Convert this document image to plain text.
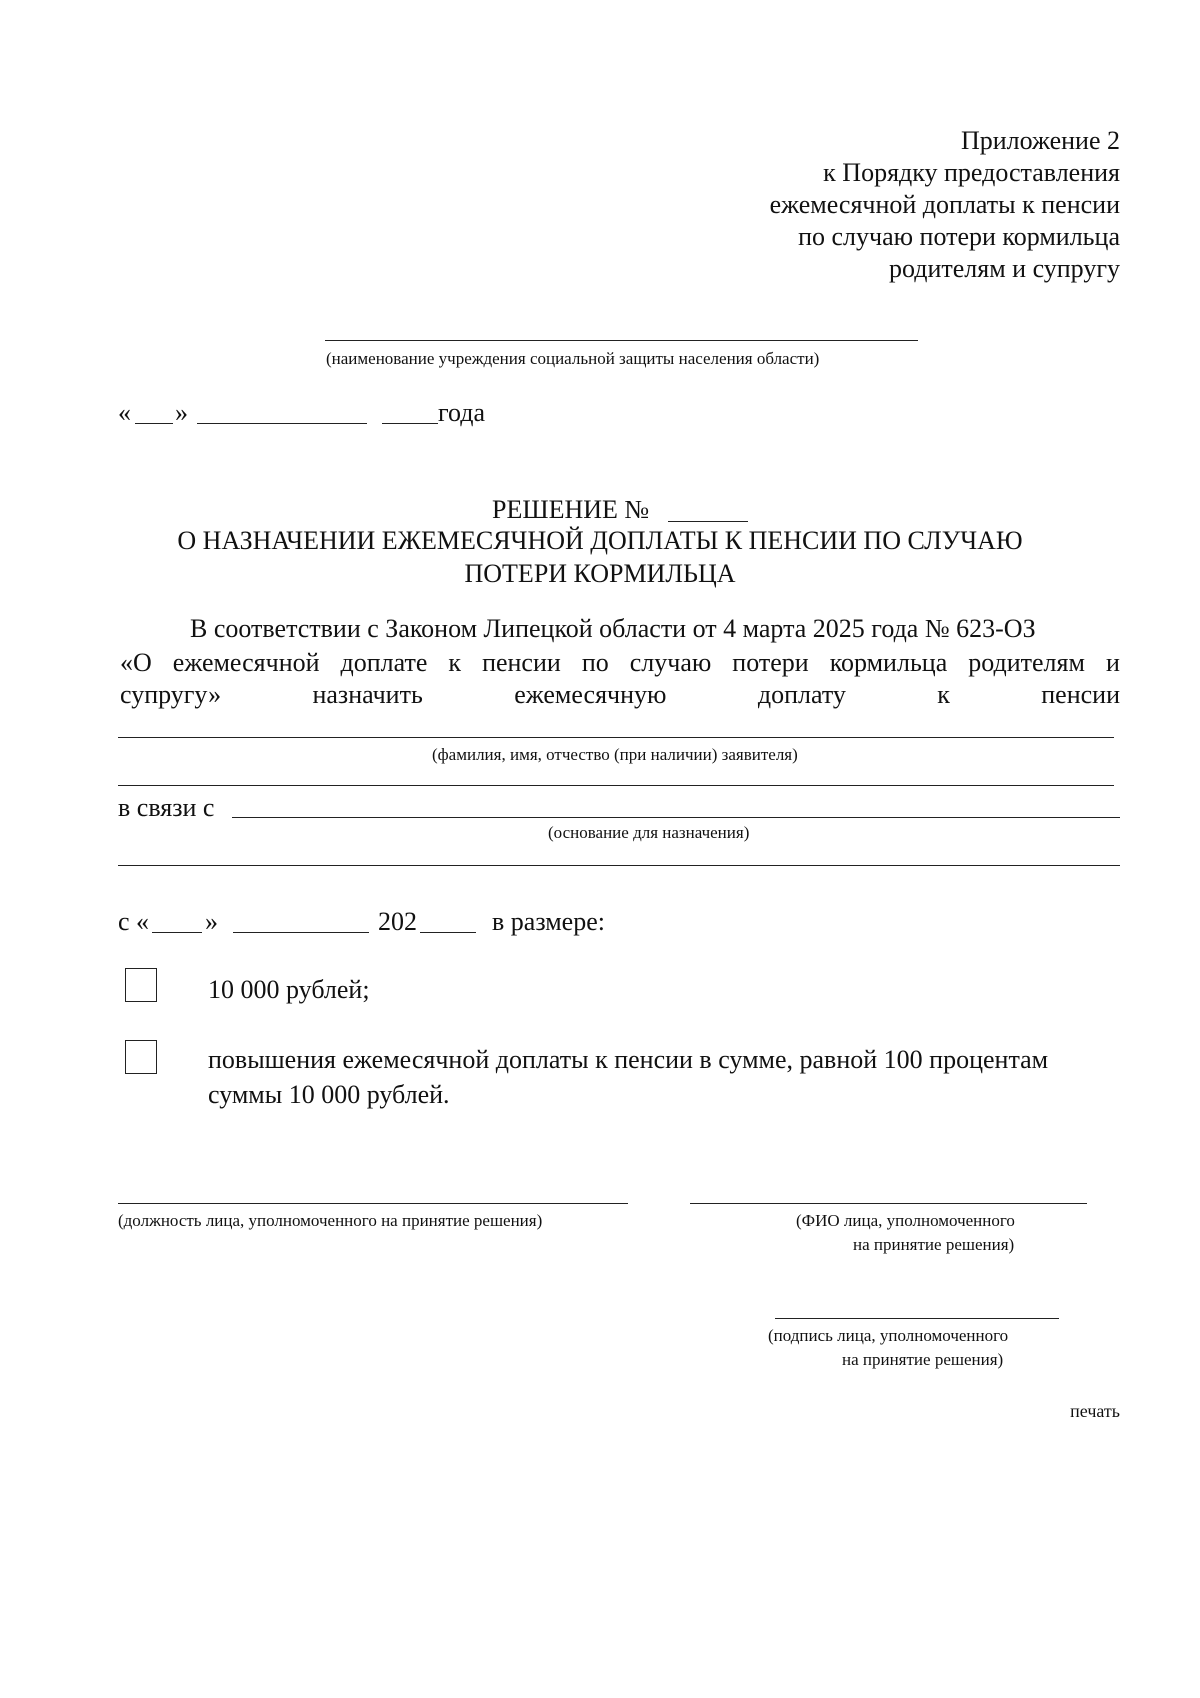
Приложение 2
к Порядку предоставления
ежемесячной доплаты к пенсии
по случаю потери кормильца
родителям и супругу
(наименование учреждения социальной защиты населения области)
« »	года
РЕШЕНИЕ №
О НАЗНАЧЕНИИ ЕЖЕМЕСЯЧНОЙ ДОПЛАТЫ К ПЕНСИИ ПО СЛУЧАЮ
ПОТЕРИ КОРМИЛЬЦА
В соответствии с Законом Липецкой области от 4 марта 2025 года № 623-ОЗ
«О ежемесячной доплате к пенсии по случаю потери кормильца родителям и
супругу»	назначить	ежемесячную	доплату	к	пенсии
(фамилия, имя, отчество (при наличии) заявителя)
в связи с
(основание для назначения)
с « »	202	в размере:
10 000 рублей;
повышения ежемесячной доплаты к пенсии в сумме, равной 100 процентам
суммы 10 000 рублей.
(должность лица, уполномоченного на принятие решения)	(ФИО лица, уполномоченного
на принятие решения)
(подпись лица, уполномоченного
на принятие решения)
печать
